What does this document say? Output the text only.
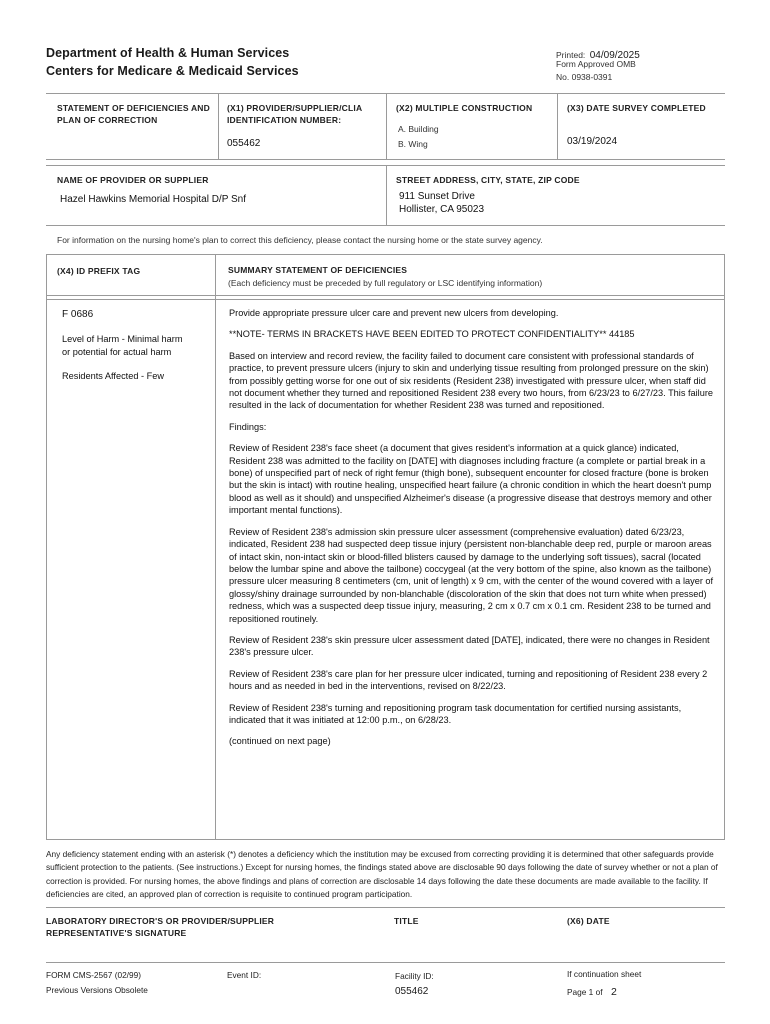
Department of Health & Human Services
Centers for Medicare & Medicaid Services
Printed: 04/09/2025
Form Approved OMB
No. 0938-0391
STATEMENT OF DEFICIENCIES AND PLAN OF CORRECTION
(X1) PROVIDER/SUPPLIER/CLIA IDENTIFICATION NUMBER:
055462
(X2) MULTIPLE CONSTRUCTION
A. Building
B. Wing
(X3) DATE SURVEY COMPLETED
03/19/2024
NAME OF PROVIDER OR SUPPLIER
Hazel Hawkins Memorial Hospital D/P Snf
STREET ADDRESS, CITY, STATE, ZIP CODE
911 Sunset Drive
Hollister, CA 95023
For information on the nursing home's plan to correct this deficiency, please contact the nursing home or the state survey agency.
(X4) ID PREFIX TAG	SUMMARY STATEMENT OF DEFICIENCIES
(Each deficiency must be preceded by full regulatory or LSC identifying information)
F 0686
Level of Harm - Minimal harm
or potential for actual harm
Residents Affected - Few

Provide appropriate pressure ulcer care and prevent new ulcers from developing.

**NOTE- TERMS IN BRACKETS HAVE BEEN EDITED TO PROTECT CONFIDENTIALITY** 44185

Based on interview and record review, the facility failed to document care consistent with professional standards of practice, to prevent pressure ulcers (injury to skin and underlying tissue resulting from prolonged pressure on the skin) from possibly getting worse for one out of six residents (Resident 238) investigated with pressure ulcer, when staff did not document whether they turned and repositioned Resident 238 every two hours, from 6/23/23 to 6/27/23. This failure resulted in the lack of documentation for whether Resident 238 was turned and repositioned.

Findings:

Review of Resident 238's face sheet (a document that gives resident's information at a quick glance) indicated, Resident 238 was admitted to the facility on [DATE] with diagnoses including fracture (a complete or partial break in a bone) of unspecified part of neck of right femur (thigh bone), subsequent encounter for closed fracture (bone is broken but the skin is intact) with routine healing, unspecified heart failure (a chronic condition in which the heart doesn't pump blood as well as it should) and unspecified Alzheimer's disease (a progressive disease that destroys memory and other important mental functions).

Review of Resident 238's admission skin pressure ulcer assessment (comprehensive evaluation) dated 6/23/23, indicated, Resident 238 had suspected deep tissue injury (persistent non-blanchable deep red, purple or maroon areas of intact skin, non-intact skin or blood-filled blisters caused by damage to the underlying soft tissues), sacral (located below the lumbar spine and above the tailbone) coccygeal (at the very bottom of the spine, also known as the tailbone) pressure ulcer measuring 8 centimeters (cm, unit of length) x 9 cm, with the center of the wound covered with a layer of glossy/shiny drainage surrounded by non-blanchable (discoloration of the skin that does not turn white when pressed) redness, which was a suspected deep tissue injury, measuring, 2 cm x 0.7 cm x 0.1 cm. Resident 238 to be turned and repositioned routinely.

Review of Resident 238's skin pressure ulcer assessment dated [DATE], indicated, there were no changes in Resident 238's pressure ulcer.

Review of Resident 238's care plan for her pressure ulcer indicated, turning and repositioning of Resident 238 every 2 hours and as needed in bed in the interventions, revised on 8/22/23.

Review of Resident 238's turning and repositioning program task documentation for certified nursing assistants, indicated that it was initiated at 12:00 p.m., on 6/28/23.

(continued on next page)

Any deficiency statement ending with an asterisk (*) denotes a deficiency which the institution may be excused from correcting providing it is determined that other safeguards provide sufficient protection to the patients. (See instructions.) Except for nursing homes, the findings stated above are disclosable 90 days following the date of survey whether or not a plan of correction is provided. For nursing homes, the above findings and plans of correction are disclosable 14 days following the date these documents are made available to the facility. If deficiencies are cited, an approved plan of correction is requisite to continued program participation.
LABORATORY DIRECTOR'S OR PROVIDER/SUPPLIER
REPRESENTATIVE'S SIGNATURE
TITLE	(X6) DATE
FORM CMS-2567 (02/99)
Previous Versions Obsolete
Event ID:	Facility ID:
055462
If continuation sheet
Page 1 of 2
